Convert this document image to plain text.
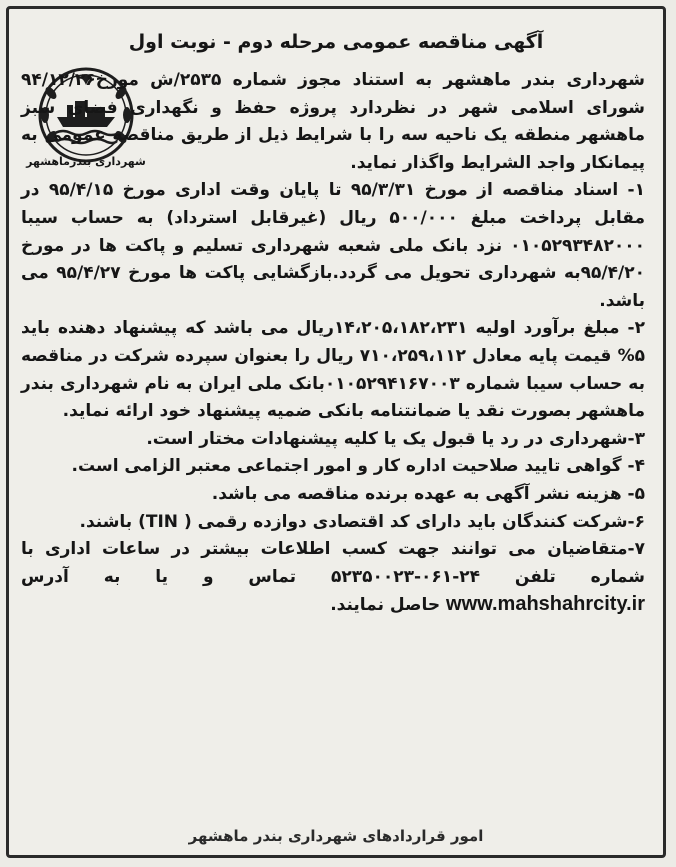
آگهی مناقصه عمومی مرحله دوم - نوبت اول
شهرداری بندرماهشهر

شهرداری بندر ماهشهر به استناد مجوز شماره ۲۵۳۵/ش مورخ۹۴/۱۲/۲۶ شورای اسلامی شهر در نظردارد پروژه حفظ و نگهداری فضای سبز ماهشهر منطقه یک ناحیه سه را با شرایط ذیل از طریق مناقصه عمومی به پیمانکار واجد الشرایط واگذار نماید.

۱- اسناد مناقصه از مورخ ۹۵/۳/۳۱ تا پایان وقت اداری مورخ ۹۵/۴/۱۵ در مقابل پرداخت مبلغ ۵۰۰/۰۰۰ ریال (غیرقابل استرداد) به حساب سیبا ۰۱۰۵۲۹۳۴۸۲۰۰۰ نزد بانک ملی شعبه شهرداری تسلیم و پاکت ها در مورخ ۹۵/۴/۲۰به شهرداری تحویل می گردد.بازگشایی پاکت ها مورخ ۹۵/۴/۲۷ می باشد.

۲- مبلغ برآورد اولیه ۱۴،۲۰۵،۱۸۲،۲۳۱ریال می باشد که پیشنهاد دهنده باید ۵% قیمت پایه معادل ۷۱۰،۲۵۹،۱۱۲ ریال را بعنوان سپرده شرکت در مناقصه به حساب سیبا شماره ۰۱۰۵۲۹۴۱۶۷۰۰۳بانک ملی ایران به نام شهرداری بندر ماهشهر بصورت نقد یا ضمانتنامه بانکی ضمیه پیشنهاد خود ارائه نماید.

۳-شهرداری در رد یا قبول یک یا کلیه پیشنهادات مختار است.

۴- گواهی تایید صلاحیت اداره کار و امور اجتماعی معتبر الزامی است.

۵- هزینه نشر آگهی به عهده برنده مناقصه می باشد.

۶-شرکت کنندگان باید دارای کد اقتصادی دوازده رقمی ( TIN) باشند.

۷-متقاضیان می توانند جهت کسب اطلاعات بیشتر در ساعات اداری با شماره تلفن ۲۴-۰۶۱-۵۲۳۵۰۰۲۳ تماس و یا به آدرس www.mahshahrcity.ir حاصل نمایند.

امور قراردادهای شهرداری بندر ماهشهر
